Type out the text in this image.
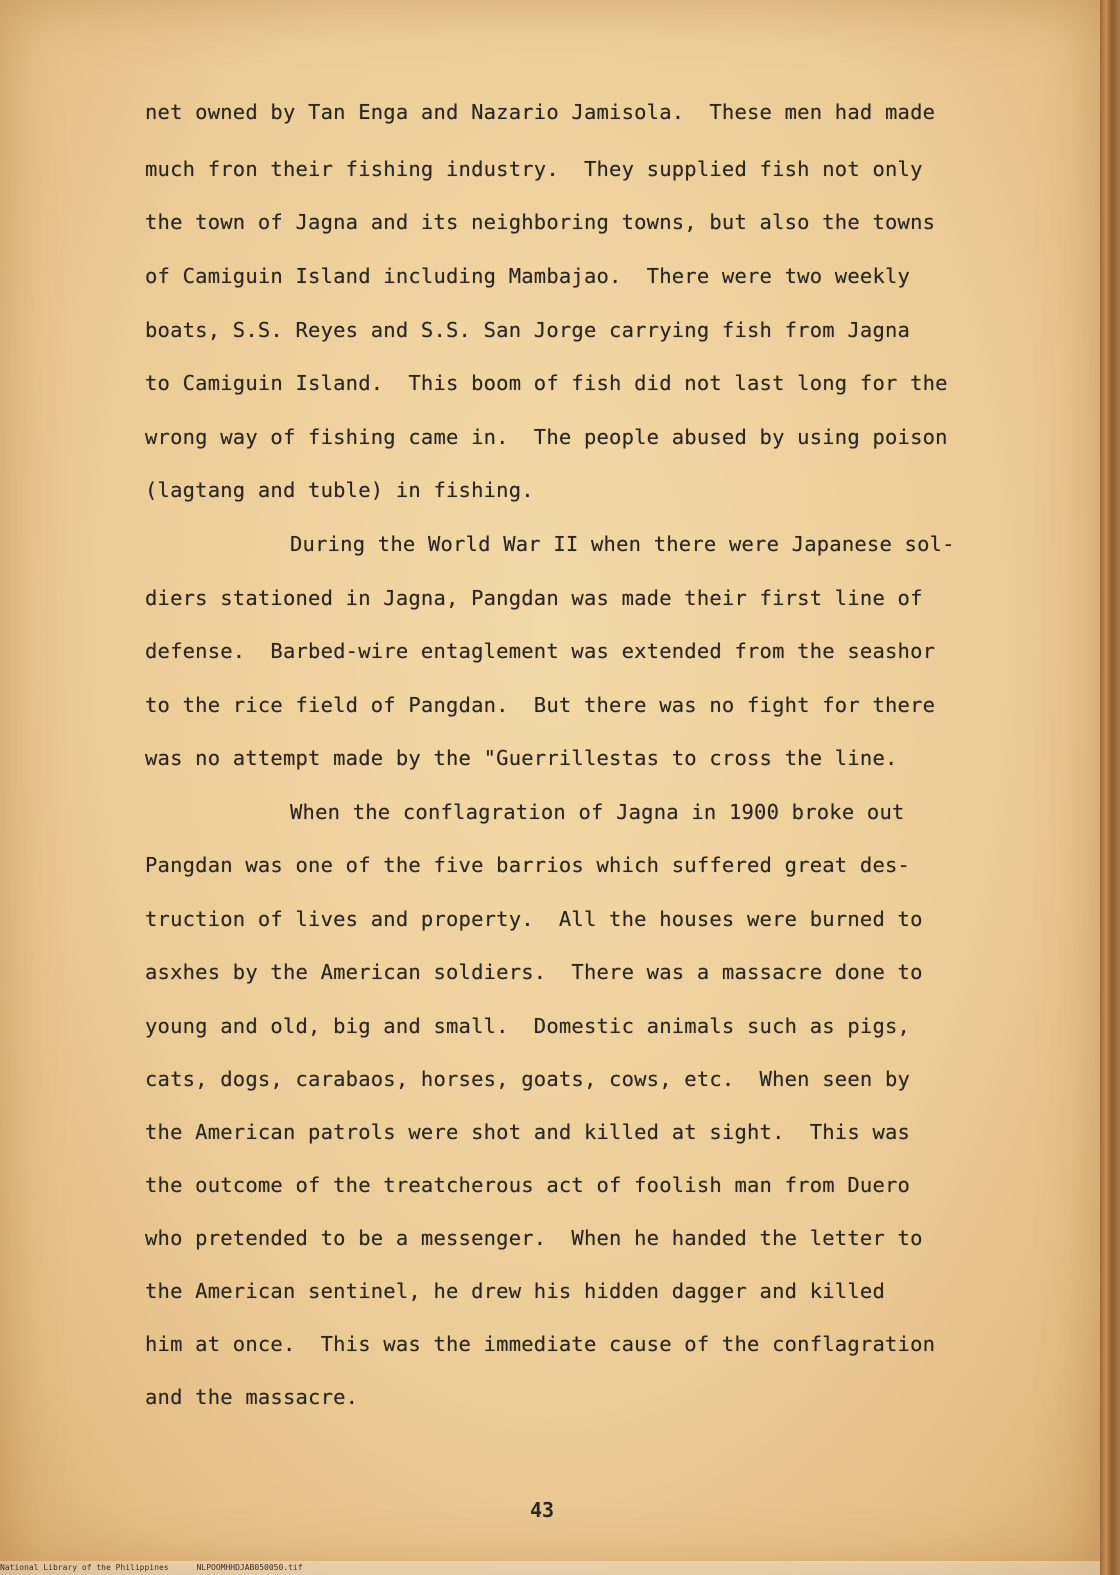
net owned by Tan Enga and Nazario Jamisola.  These men had made
much fron their fishing industry.  They supplied fish not only
the town of Jagna and its neighboring towns, but also the towns
of Camiguin Island including Mambajao.  There were two weekly
boats, S.S. Reyes and S.S. San Jorge carrying fish from Jagna
to Camiguin Island.  This boom of fish did not last long for the
wrong way of fishing came in.  The people abused by using poison
(lagtang and tuble) in fishing.
During the World War II when there were Japanese sol-
diers stationed in Jagna, Pangdan was made their first line of
defense.  Barbed-wire entaglement was extended from the seashor
to the rice field of Pangdan.  But there was no fight for there
was no attempt made by the "Guerrillestas to cross the line.
When the conflagration of Jagna in 1900 broke out
Pangdan was one of the five barrios which suffered great des-
truction of lives and property.  All the houses were burned to
asxhes by the American soldiers.  There was a massacre done to
young and old, big and small.  Domestic animals such as pigs,
cats, dogs, carabaos, horses, goats, cows, etc.  When seen by
the American patrols were shot and killed at sight.  This was
the outcome of the treatcherous act of foolish man from Duero
who pretended to be a messenger.  When he handed the letter to
the American sentinel, he drew his hidden dagger and killed
him at once.  This was the immediate cause of the conflagration
and the massacre.
43
National Library of the Philippines	NLPOOMHHDJAB050050.tif
